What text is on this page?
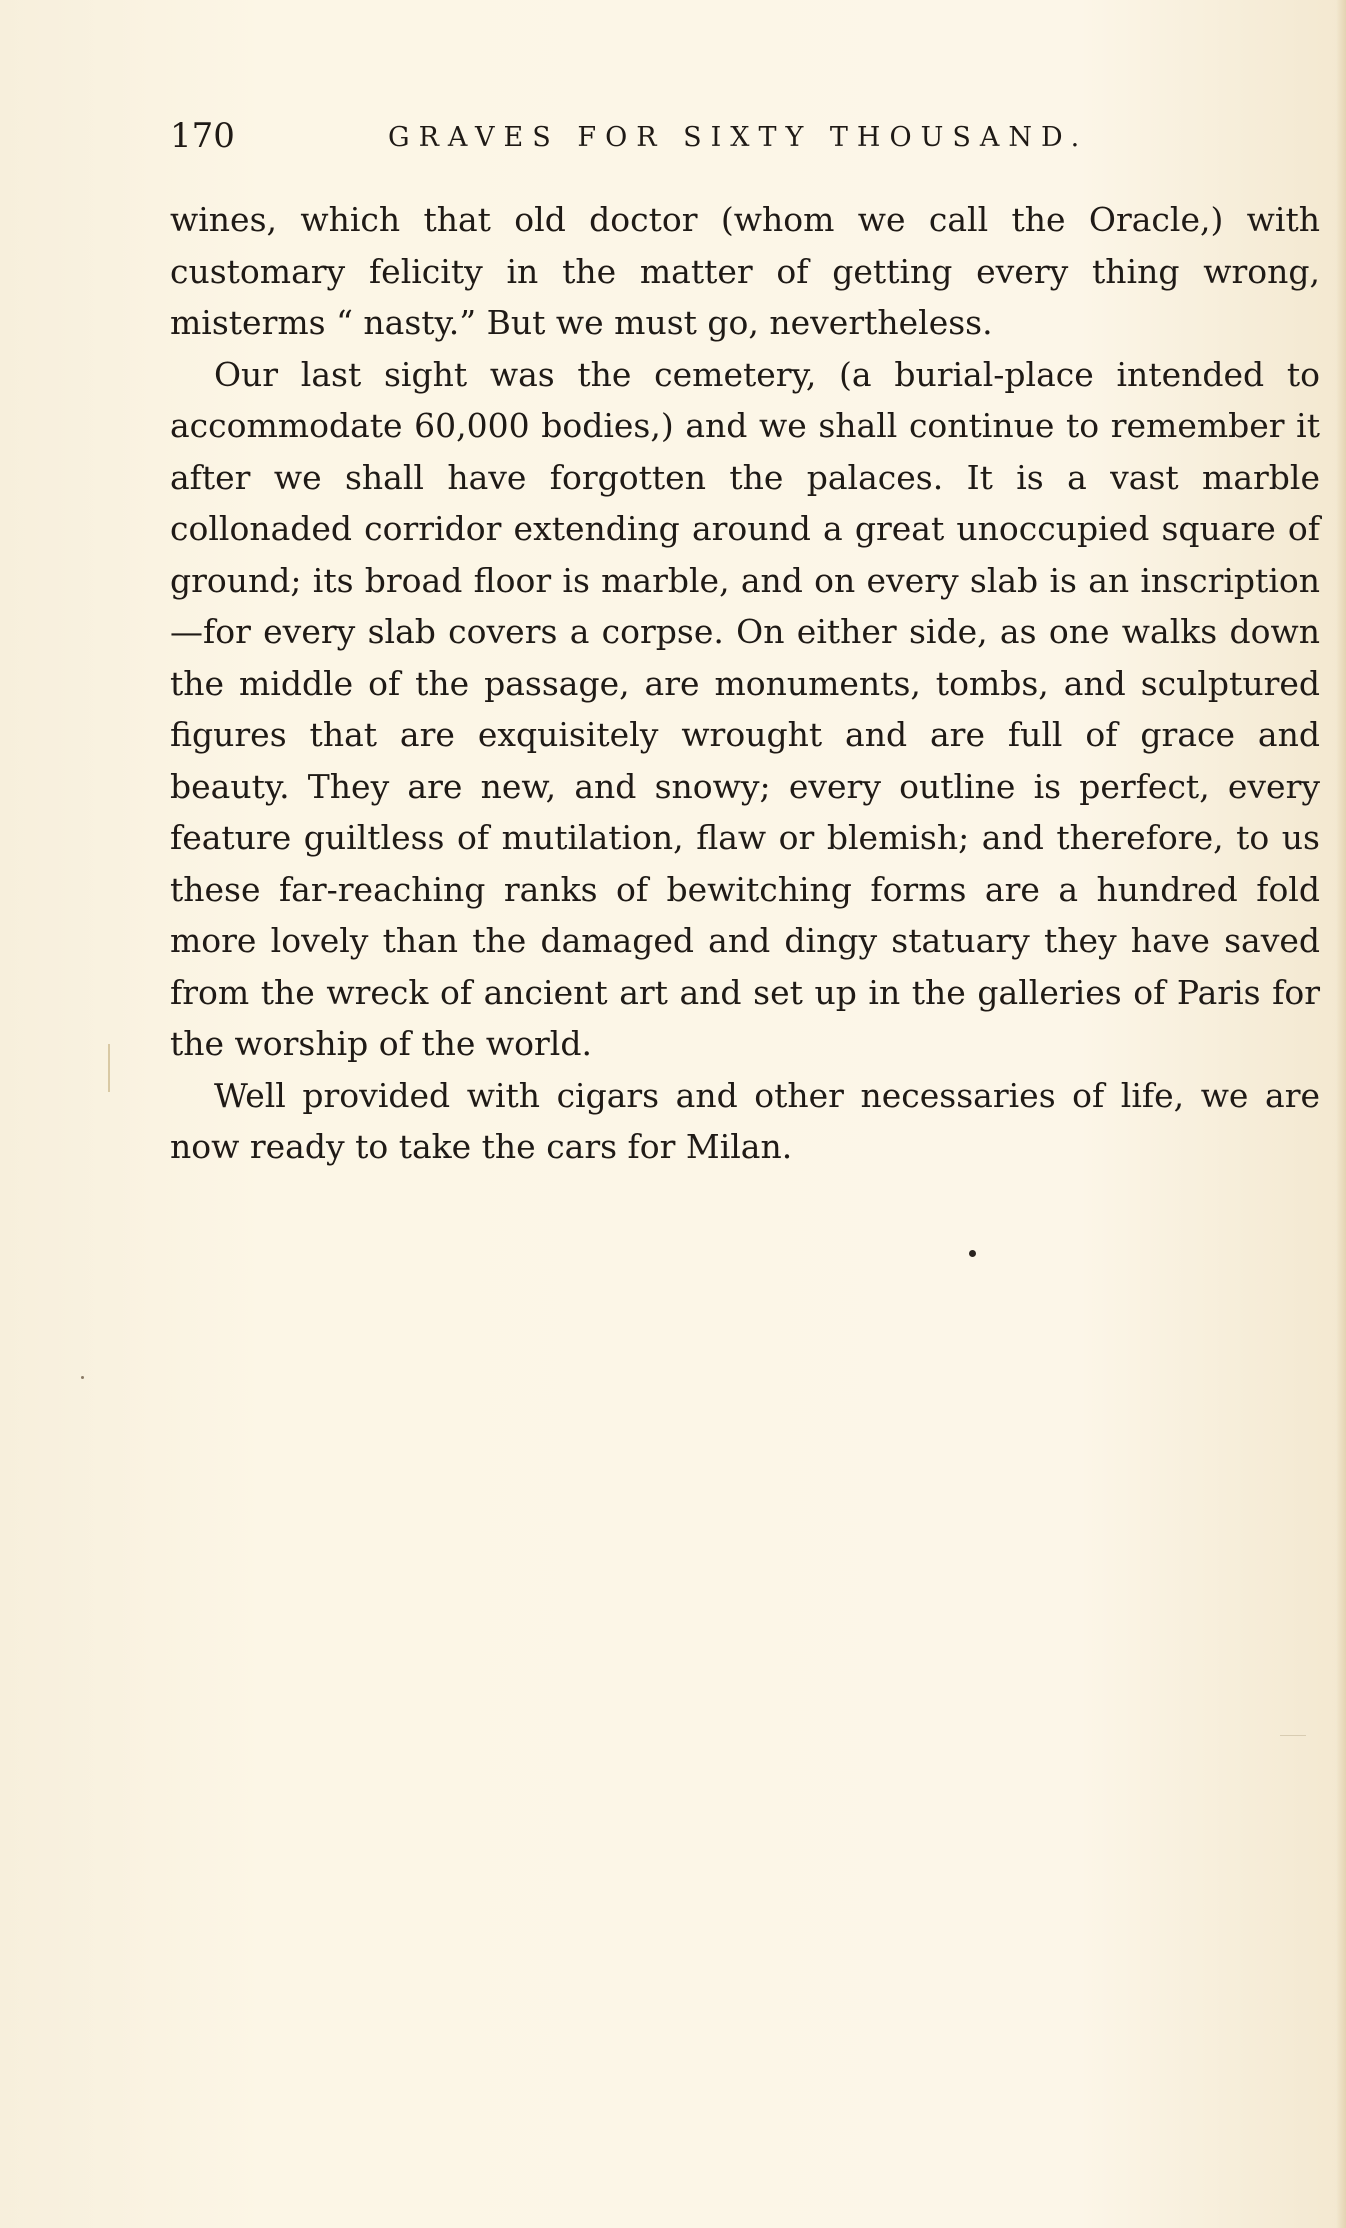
170	GRAVES FOR SIXTY THOUSAND.

wines, which that old doctor (whom we call the Oracle,) with customary felicity in the matter of getting every thing wrong, misterms “ nasty.” But we must go, nevertheless.

Our last sight was the cemetery, (a burial-place intended to accommodate 60,000 bodies,) and we shall continue to remember it after we shall have forgotten the palaces. It is a vast marble collonaded corridor extending around a great unoccupied square of ground; its broad floor is marble, and on every slab is an inscription—for every slab covers a corpse. On either side, as one walks down the middle of the passage, are monuments, tombs, and sculptured figures that are exquisitely wrought and are full of grace and beauty. They are new, and snowy; every outline is perfect, every feature guiltless of mutilation, flaw or blemish; and therefore, to us these far-reaching ranks of bewitching forms are a hundred fold more lovely than the damaged and dingy statuary they have saved from the wreck of ancient art and set up in the galleries of Paris for the worship of the world.

Well provided with cigars and other necessaries of life, we are now ready to take the cars for Milan.
